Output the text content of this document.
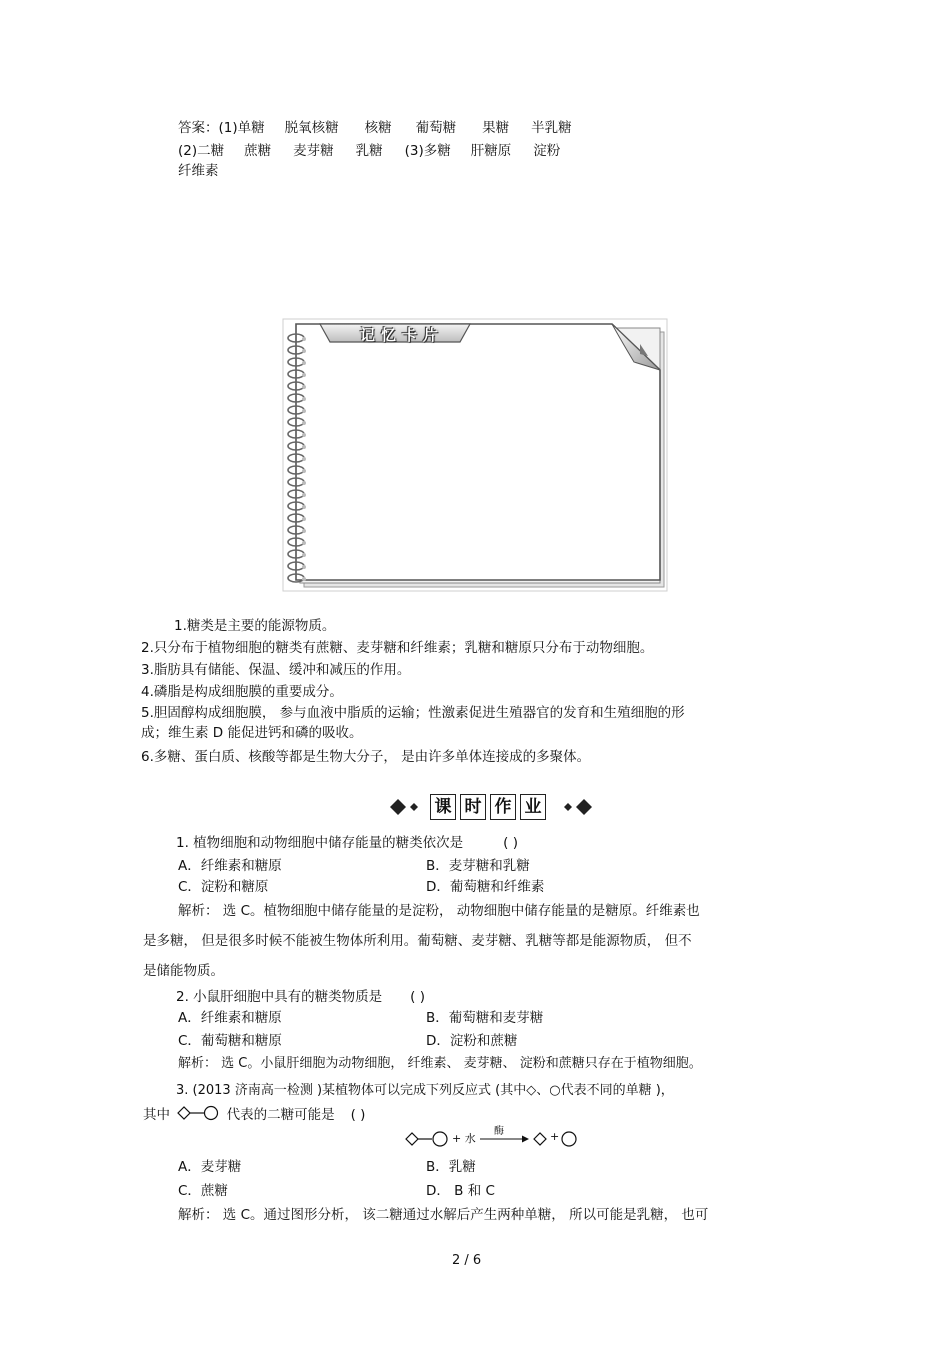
答案：(1)单糖 脱氧核糖 核糖 葡萄糖 果糖 半乳糖
(2)二糖 蔗糖 麦芽糖 乳糖 (3)多糖 肝糖原 淀粉
纤维素
记忆卡片
1.糖类是主要的能源物质。
2.只分布于植物细胞的糖类有蔗糖、麦芽糖和纤维素；乳糖和糖原只分布于动物细胞。
3.脂肪具有储能、保温、缓冲和减压的作用。
4.磷脂是构成细胞膜的重要成分。
5.胆固醇构成细胞膜， 参与血液中脂质的运输；性激素促进生殖器官的发育和生殖细胞的形
成；维生素 D 能促进钙和磷的吸收。
6.多糖、蛋白质、核酸等都是生物大分子， 是由许多单体连接成的多聚体。
课 时 作 业
1. 植物细胞和动物细胞中储存能量的糖类依次是	( )
A．纤维素和糖原	B．麦芽糖和乳糖
C．淀粉和糖原	D．葡萄糖和纤维素
解析： 选 C。植物细胞中储存能量的是淀粉， 动物细胞中储存能量的是糖原。纤维素也
是多糖， 但是很多时候不能被生物体所利用。葡萄糖、麦芽糖、乳糖等都是能源物质， 但不
是储能物质。
2. 小鼠肝细胞中具有的糖类物质是 ( )
A．纤维素和糖原	B．葡萄糖和麦芽糖
C．葡萄糖和糖原	D．淀粉和蔗糖
解析： 选 C。小鼠肝细胞为动物细胞， 纤维素、 麦芽糖、 淀粉和蔗糖只存在于植物细胞。
3. (2013 济南高一检测 )某植物体可以完成下列反应式 (其中◇、○代表不同的单糖 )，
其中	代表的二糖可能是 ( )
+ 水
酶 → +
A．麦芽糖	B．乳糖
C．蔗糖	D． B 和 C
解析： 选 C。通过图形分析， 该二糖通过水解后产生两种单糖， 所以可能是乳糖， 也可
2 / 6
